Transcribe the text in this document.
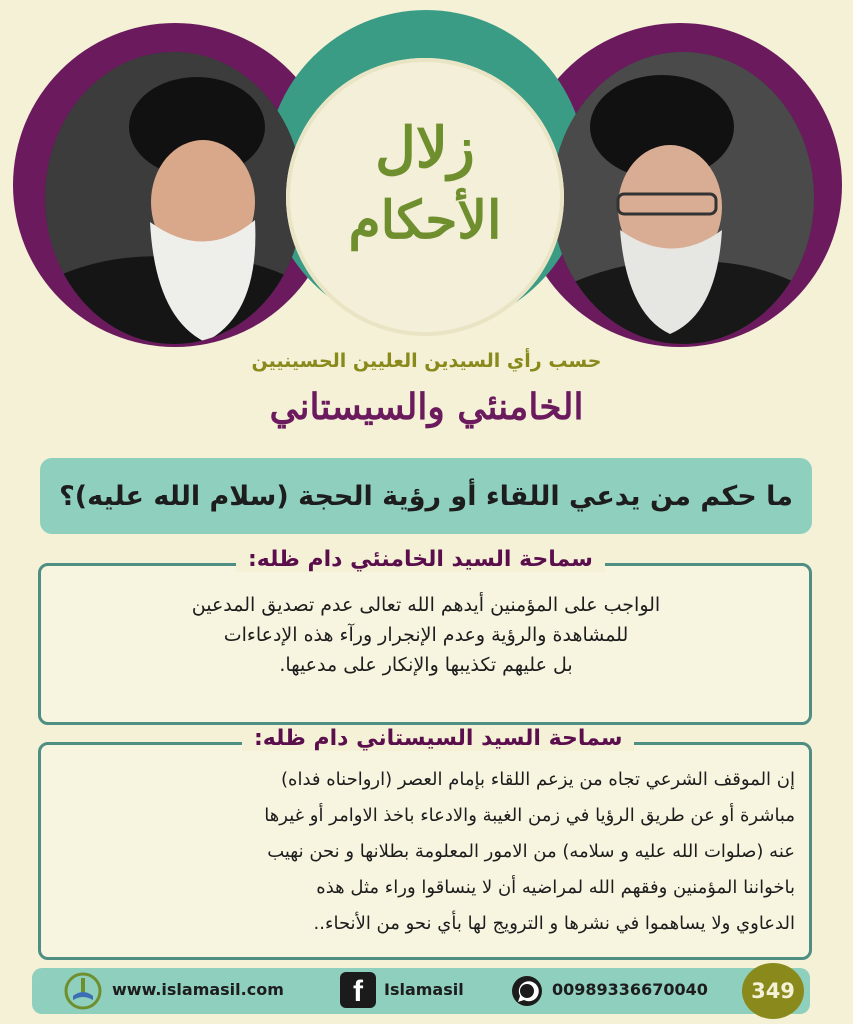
زلال
الأحكام
حسب رأي السيدين العليين الحسينيين
الخامنئي والسيستاني
ما حكم من يدعي اللقاء أو رؤية الحجة (سلام الله عليه)؟
سماحة السيد الخامنئي دام ظله:
الواجب على المؤمنين أيدهم الله تعالى عدم تصديق المدعين
للمشاهدة والرؤية وعدم الإنجرار ورآء هذه الإدعاءات
بل عليهم تكذيبها والإنكار على مدعيها.
سماحة السيد السيستاني دام ظله:
إن الموقف الشرعي تجاه من يزعم اللقاء بإمام العصر (ارواحناه فداه)
مباشرة أو عن طريق الرؤيا في زمن الغيبة والادعاء باخذ الاوامر أو غيرها
عنه (صلوات الله عليه و سلامه) من الامور المعلومة بطلانها و نحن نهيب
باخواننا المؤمنين وفقهم الله لمراضيه أن لا ينساقوا وراء مثل هذه
الدعاوي ولا يساهموا في نشرها و الترويج لها بأي نحو من الأنحاء..
www.islamasil.com	f	Islamasil	00989336670040	349
